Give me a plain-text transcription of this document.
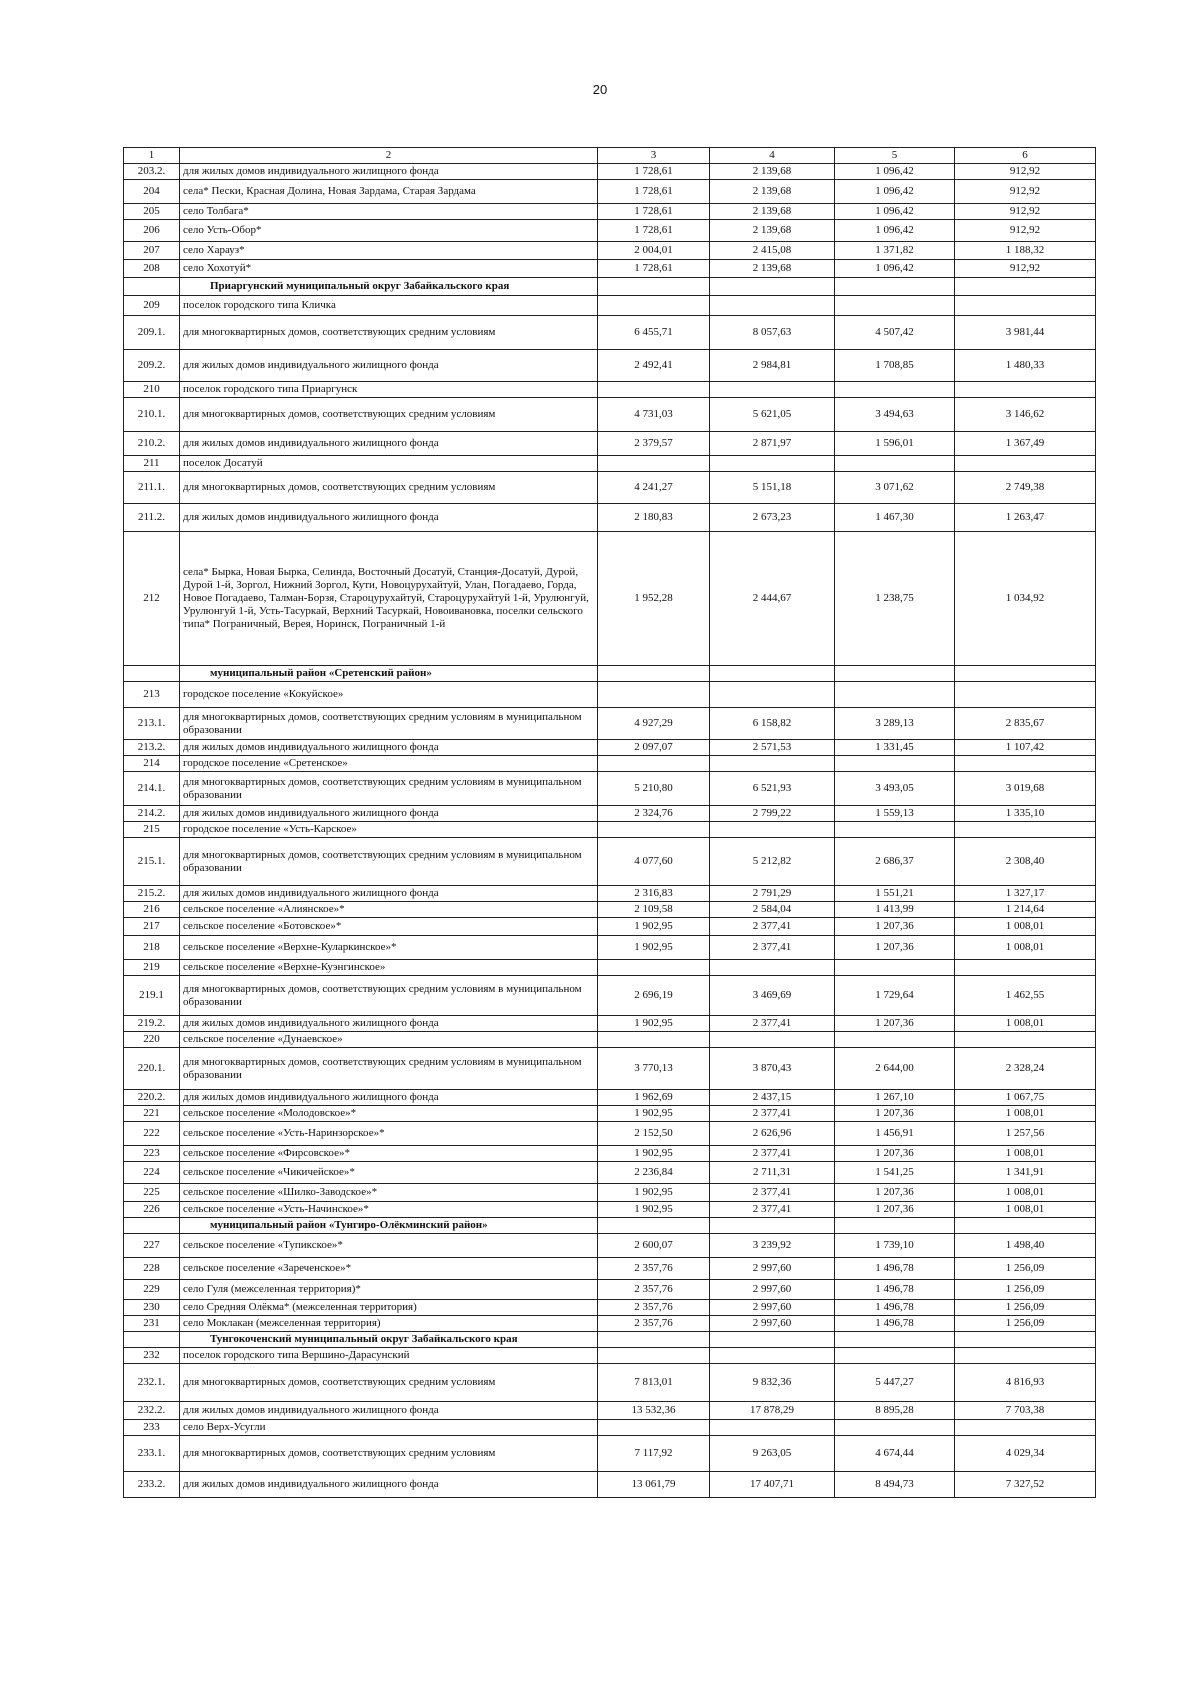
20
1	2	3	4	5	6
203.2.	для жилых домов индивидуального жилищного фонда	1 728,61	2 139,68	1 096,42	912,92
204	села* Пески, Красная Долина, Новая Зардама, Старая Зардама	1 728,61	2 139,68	1 096,42	912,92
205	село Толбага*	1 728,61	2 139,68	1 096,42	912,92
206	село Усть-Обор*	1 728,61	2 139,68	1 096,42	912,92
207	село Харауз*	2 004,01	2 415,08	1 371,82	1 188,32
208	село Хохотуй*	1 728,61	2 139,68	1 096,42	912,92
	Приаргунский муниципальный округ Забайкальского края				
209	поселок городского типа Кличка				
209.1.	для многоквартирных домов, соответствующих средним условиям	6 455,71	8 057,63	4 507,42	3 981,44
209.2.	для жилых домов индивидуального жилищного фонда	2 492,41	2 984,81	1 708,85	1 480,33
210	поселок городского типа Приаргунск				
210.1.	для многоквартирных домов, соответствующих средним условиям	4 731,03	5 621,05	3 494,63	3 146,62
210.2.	для жилых домов индивидуального жилищного фонда	2 379,57	2 871,97	1 596,01	1 367,49
211	поселок Досатуй				
211.1.	для многоквартирных домов, соответствующих средним условиям	4 241,27	5 151,18	3 071,62	2 749,38
211.2.	для жилых домов индивидуального жилищного фонда	2 180,83	2 673,23	1 467,30	1 263,47
212	села* Бырка, Новая Бырка, Селинда, Восточный Досатуй, Станция-Досатуй, Дурой, Дурой 1-й, Зоргол, Нижний Зоргол, Кути, Новоцурухайтуй, Улан, Погадаево, Горда, Новое Погадаево, Талман-Борзя, Староцурухайтуй, Староцурухайтуй 1-й, Урулюнгуй, Урулюнгуй 1-й, Усть-Тасуркай, Верхний Тасуркай, Новоивановка, поселки сельского типа* Пограничный, Верея, Норинск, Пограничный 1-й	1 952,28	2 444,67	1 238,75	1 034,92
	муниципальный район «Сретенский район»				
213	городское поселение «Кокуйское»				
213.1.	для многоквартирных домов, соответствующих средним условиям в муниципальном образовании	4 927,29	6 158,82	3 289,13	2 835,67
213.2.	для жилых домов индивидуального жилищного фонда	2 097,07	2 571,53	1 331,45	1 107,42
214	городское поселение «Сретенское»				
214.1.	для многоквартирных домов, соответствующих средним условиям в муниципальном образовании	5 210,80	6 521,93	3 493,05	3 019,68
214.2.	для жилых домов индивидуального жилищного фонда	2 324,76	2 799,22	1 559,13	1 335,10
215	городское поселение «Усть-Карское»				
215.1.	для многоквартирных домов, соответствующих средним условиям в муниципальном образовании	4 077,60	5 212,82	2 686,37	2 308,40
215.2.	для жилых домов индивидуального жилищного фонда	2 316,83	2 791,29	1 551,21	1 327,17
216	сельское поселение «Алиянское»*	2 109,58	2 584,04	1 413,99	1 214,64
217	сельское поселение «Ботовское»*	1 902,95	2 377,41	1 207,36	1 008,01
218	сельское поселение «Верхне-Куларкинское»*	1 902,95	2 377,41	1 207,36	1 008,01
219	сельское поселение «Верхне-Куэнгинское»				
219.1	для многоквартирных домов, соответствующих средним условиям в муниципальном образовании	2 696,19	3 469,69	1 729,64	1 462,55
219.2.	для жилых домов индивидуального жилищного фонда	1 902,95	2 377,41	1 207,36	1 008,01
220	сельское поселение «Дунаевское»				
220.1.	для многоквартирных домов, соответствующих средним условиям в муниципальном образовании	3 770,13	3 870,43	2 644,00	2 328,24
220.2.	для жилых домов индивидуального жилищного фонда	1 962,69	2 437,15	1 267,10	1 067,75
221	сельское поселение «Молодовское»*	1 902,95	2 377,41	1 207,36	1 008,01
222	сельское поселение «Усть-Наринзорское»*	2 152,50	2 626,96	1 456,91	1 257,56
223	сельское поселение «Фирсовское»*	1 902,95	2 377,41	1 207,36	1 008,01
224	сельское поселение «Чикичейское»*	2 236,84	2 711,31	1 541,25	1 341,91
225	сельское поселение «Шилко-Заводское»*	1 902,95	2 377,41	1 207,36	1 008,01
226	сельское поселение «Усть-Начинское»*	1 902,95	2 377,41	1 207,36	1 008,01
	муниципальный район «Тунгиро-Олёкминский район»				
227	сельское поселение «Тупикское»*	2 600,07	3 239,92	1 739,10	1 498,40
228	сельское поселение «Зареченское»*	2 357,76	2 997,60	1 496,78	1 256,09
229	село Гуля (межселенная территория)*	2 357,76	2 997,60	1 496,78	1 256,09
230	село Средняя Олёкма* (межселенная территория)	2 357,76	2 997,60	1 496,78	1 256,09
231	село Моклакан (межселенная территория)	2 357,76	2 997,60	1 496,78	1 256,09
	Тунгокоченский муниципальный округ Забайкальского края				
232	поселок городского типа Вершино-Дарасунский				
232.1.	для многоквартирных домов, соответствующих средним условиям	7 813,01	9 832,36	5 447,27	4 816,93
232.2.	для жилых домов индивидуального жилищного фонда	13 532,36	17 878,29	8 895,28	7 703,38
233	село Верх-Усугли				
233.1.	для многоквартирных домов, соответствующих средним условиям	7 117,92	9 263,05	4 674,44	4 029,34
233.2.	для жилых домов индивидуального жилищного фонда	13 061,79	17 407,71	8 494,73	7 327,52
